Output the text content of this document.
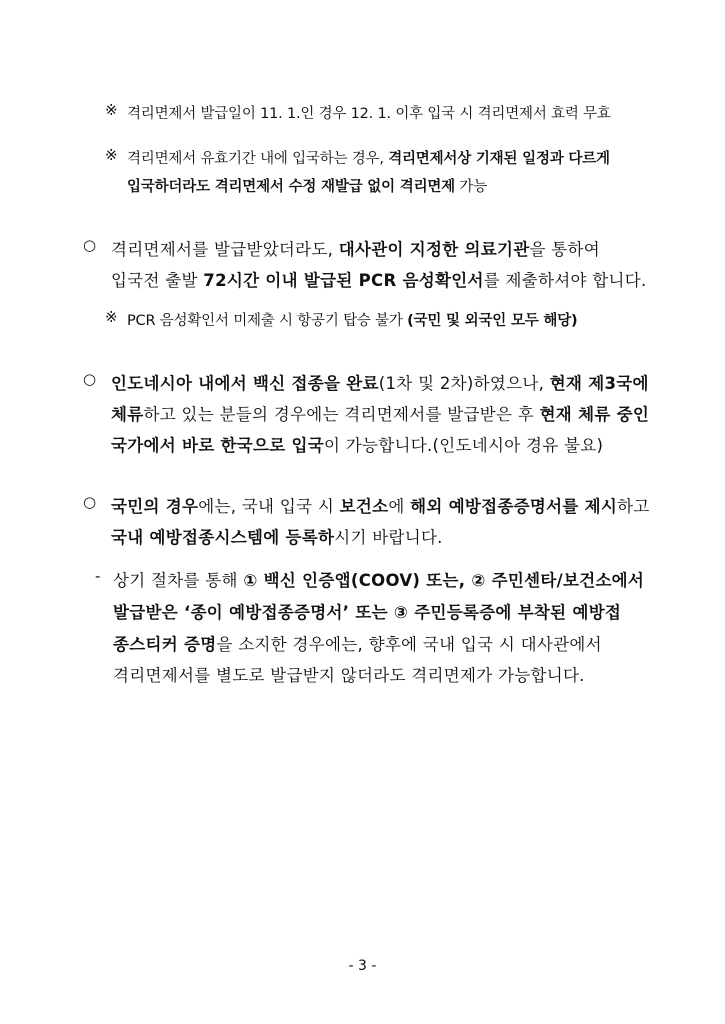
※ 격리면제서 발급일이 11. 1.인 경우 12. 1. 이후 입국 시 격리면제서 효력 무효
※ 격리면제서 유효기간 내에 입국하는 경우, 격리면제서상 기재된 일정과 다르게
입국하더라도 격리면제서 수정 재발급 없이 격리면제 가능
○ 격리면제서를 발급받았더라도, 대사관이 지정한 의료기관을 통하여
입국전 출발 72시간 이내 발급된 PCR 음성확인서를 제출하셔야 합니다.
※ PCR 음성확인서 미제출 시 항공기 탑승 불가 (국민 및 외국인 모두 해당)
○ 인도네시아 내에서 백신 접종을 완료(1차 및 2차)하였으나, 현재 제3국에
체류하고 있는 분들의 경우에는 격리면제서를 발급받은 후 현재 체류 중인
국가에서 바로 한국으로 입국이 가능합니다.(인도네시아 경유 불요)
○ 국민의 경우에는, 국내 입국 시 보건소에 해외 예방접종증명서를 제시하고
국내 예방접종시스템에 등록하시기 바랍니다.
- 상기 절차를 통해 ① 백신 인증앱(COOV) 또는, ② 주민센타/보건소에서
발급받은 ‘종이 예방접종증명서’ 또는 ③ 주민등록증에 부착된 예방접
종스티커 증명을 소지한 경우에는, 향후에 국내 입국 시 대사관에서
격리면제서를 별도로 발급받지 않더라도 격리면제가 가능합니다.
- 3 -
